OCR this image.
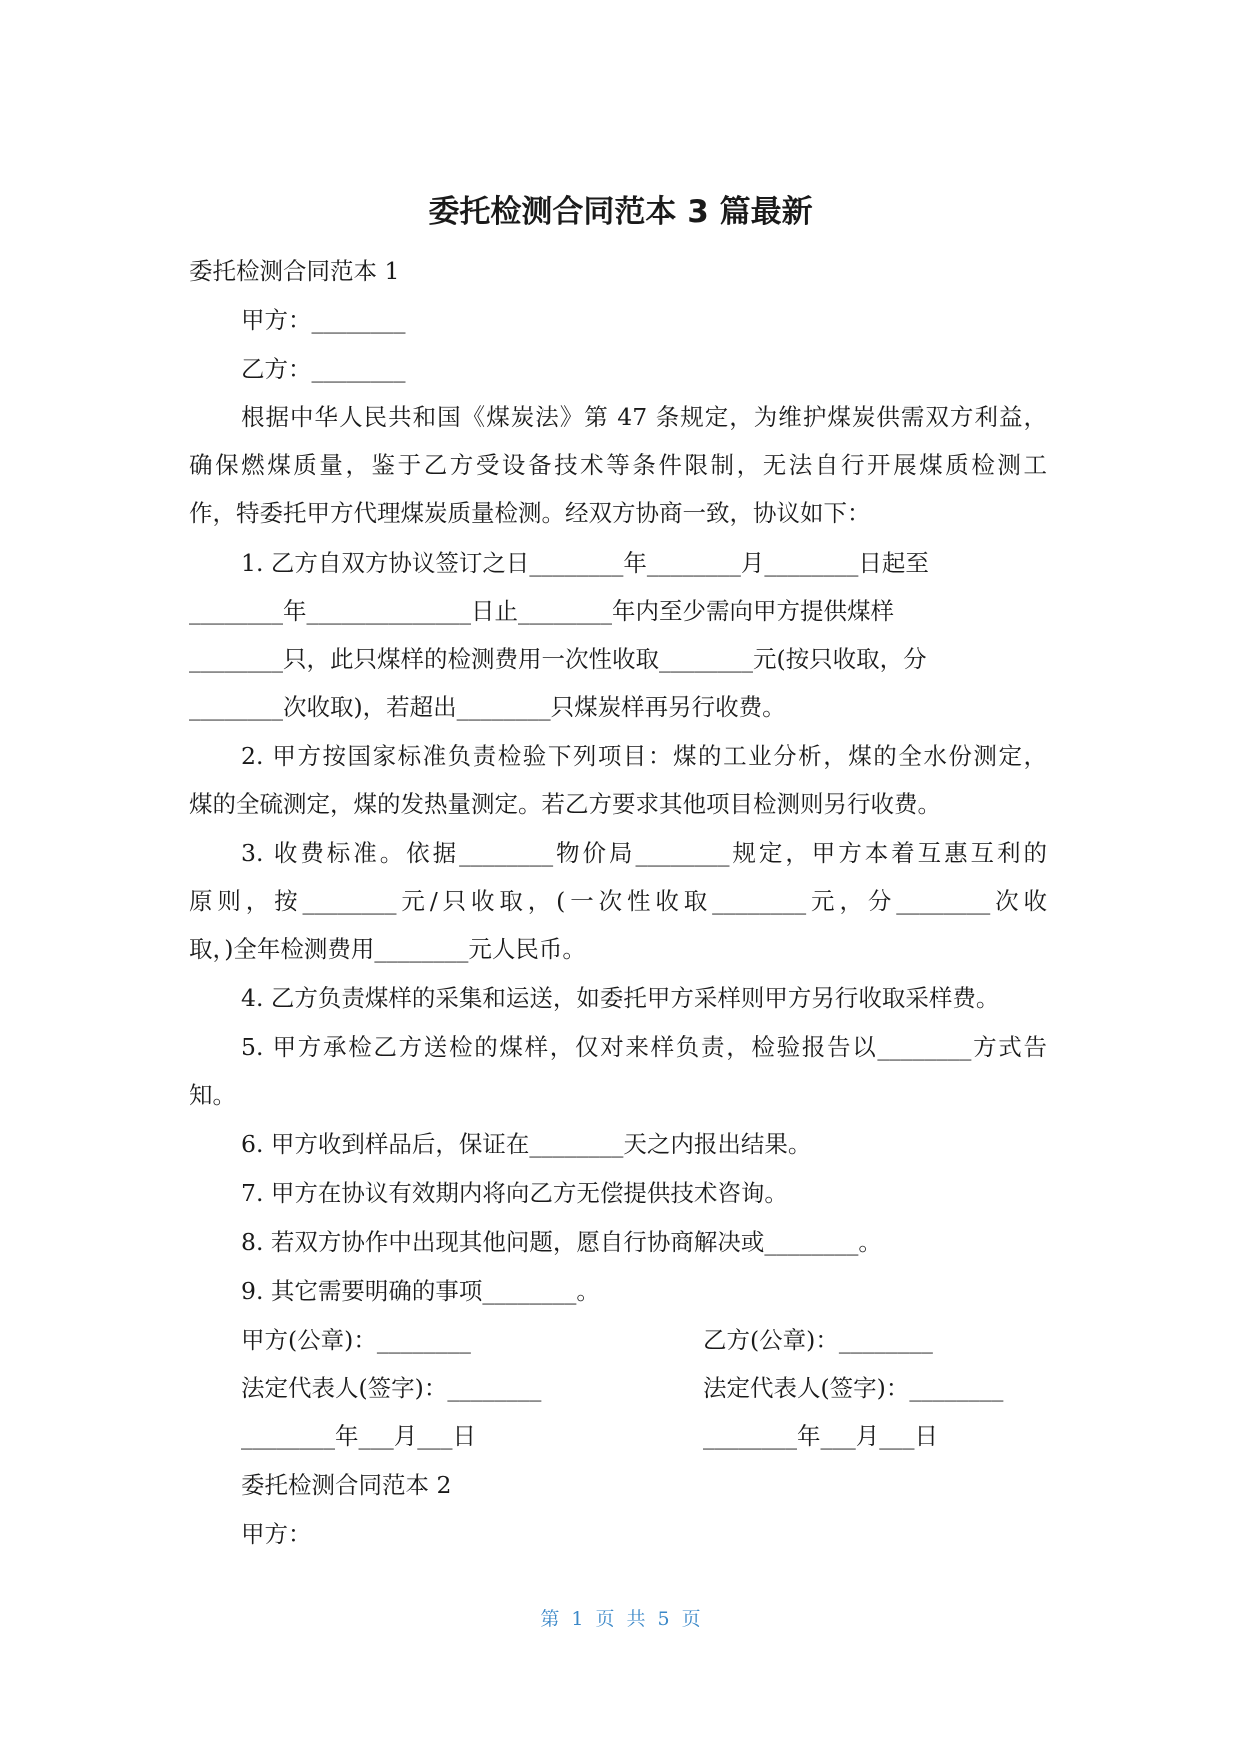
委托检测合同范本 3 篇最新
委托检测合同范本 1
甲方：________
乙方：________
根据中华人民共和国《煤炭法》第 47 条规定，为维护煤炭供需双方利益，
确保燃煤质量，鉴于乙方受设备技术等条件限制，无法自行开展煤质检测工
作，特委托甲方代理煤炭质量检测。经双方协商一致，协议如下：
1. 乙方自双方协议签订之日________年________月________日起至
________年______________日止________年内至少需向甲方提供煤样
________只，此只煤样的检测费用一次性收取________元(按只收取，分
________次收取)，若超出________只煤炭样再另行收费。
2. 甲方按国家标准负责检验下列项目：煤的工业分析，煤的全水份测定，
煤的全硫测定，煤的发热量测定。若乙方要求其他项目检测则另行收费。
3. 收费标准。依据________物价局________规定，甲方本着互惠互利的
原则，按________元/只收取，(一次性收取________元，分________次收
取，)全年检测费用________元人民币。
4. 乙方负责煤样的采集和运送，如委托甲方采样则甲方另行收取采样费。
5. 甲方承检乙方送检的煤样，仅对来样负责，检验报告以________方式告
知。
6. 甲方收到样品后，保证在________天之内报出结果。
7. 甲方在协议有效期内将向乙方无偿提供技术咨询。
8. 若双方协作中出现其他问题，愿自行协商解决或________。
9. 其它需要明确的事项________。
甲方(公章)：________	乙方(公章)：________
法定代表人(签字)：________	法定代表人(签字)：________
________年___月___日	________年___月___日
委托检测合同范本 2
甲方：
第 1 页 共 5 页
